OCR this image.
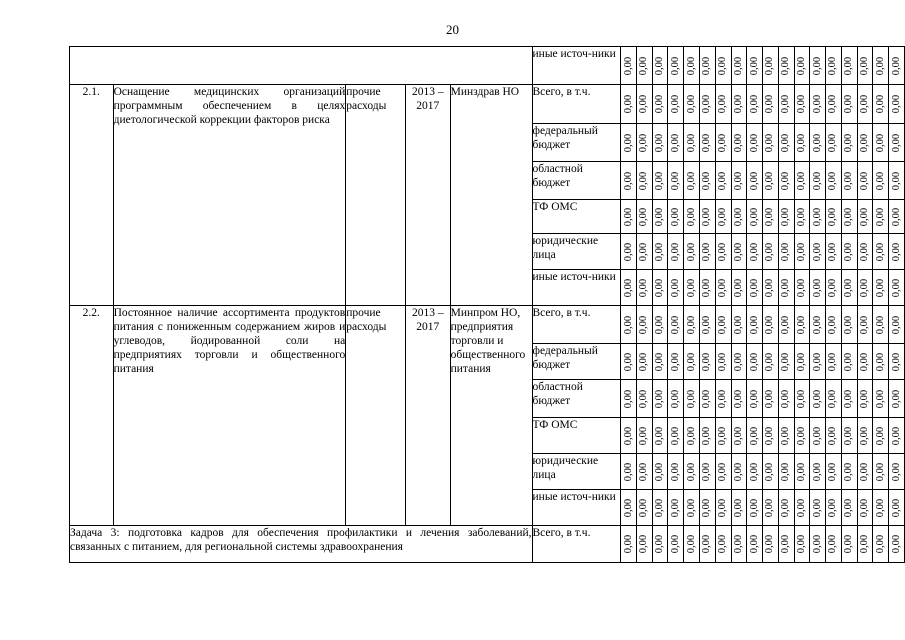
20
					иные источ-ники	0,00	0,00	0,00	0,00	0,00	0,00	0,00	0,00	0,00	0,00	0,00	0,00	0,00	0,00	0,00	0,00	0,00	0,00

2.1.	Оснащение медицинских организаций программным обеспечением в целях диетологической коррекции факторов риска	прочие расходы	2013 – 2017	Минздрав НО	Всего, в т.ч.	0,00	0,00	0,00	0,00	0,00	0,00	0,00	0,00	0,00	0,00	0,00	0,00	0,00	0,00	0,00	0,00	0,00	0,00

					федеральный бюджет	0,00	0,00	0,00	0,00	0,00	0,00	0,00	0,00	0,00	0,00	0,00	0,00	0,00	0,00	0,00	0,00	0,00	0,00

					областной бюджет	0,00	0,00	0,00	0,00	0,00	0,00	0,00	0,00	0,00	0,00	0,00	0,00	0,00	0,00	0,00	0,00	0,00	0,00

					ТФ ОМС	0,00	0,00	0,00	0,00	0,00	0,00	0,00	0,00	0,00	0,00	0,00	0,00	0,00	0,00	0,00	0,00	0,00	0,00

					юридические лица	0,00	0,00	0,00	0,00	0,00	0,00	0,00	0,00	0,00	0,00	0,00	0,00	0,00	0,00	0,00	0,00	0,00	0,00

					иные источ-ники	0,00	0,00	0,00	0,00	0,00	0,00	0,00	0,00	0,00	0,00	0,00	0,00	0,00	0,00	0,00	0,00	0,00	0,00

2.2.	Постоянное наличие ассортимента продуктов питания с пониженным содержанием жиров и углеводов, йодированной соли на предприятиях торговли и общественного питания	прочие расходы	2013 – 2017	Минпром НО, предприятия торговли и общественного питания	Всего, в т.ч.	0,00	0,00	0,00	0,00	0,00	0,00	0,00	0,00	0,00	0,00	0,00	0,00	0,00	0,00	0,00	0,00	0,00	0,00

					федеральный бюджет	0,00	0,00	0,00	0,00	0,00	0,00	0,00	0,00	0,00	0,00	0,00	0,00	0,00	0,00	0,00	0,00	0,00	0,00

					областной бюджет	0,00	0,00	0,00	0,00	0,00	0,00	0,00	0,00	0,00	0,00	0,00	0,00	0,00	0,00	0,00	0,00	0,00	0,00

					ТФ ОМС	0,00	0,00	0,00	0,00	0,00	0,00	0,00	0,00	0,00	0,00	0,00	0,00	0,00	0,00	0,00	0,00	0,00	0,00

					юридические лица	0,00	0,00	0,00	0,00	0,00	0,00	0,00	0,00	0,00	0,00	0,00	0,00	0,00	0,00	0,00	0,00	0,00	0,00

					иные источ-ники	0,00	0,00	0,00	0,00	0,00	0,00	0,00	0,00	0,00	0,00	0,00	0,00	0,00	0,00	0,00	0,00	0,00	0,00

Задача 3: подготовка кадров для обеспечения профилактики и лечения заболеваний, связанных с питанием, для региональной системы здравоохранения					Всего, в т.ч.	0,00	0,00	0,00	0,00	0,00	0,00	0,00	0,00	0,00	0,00	0,00	0,00	0,00	0,00	0,00	0,00	0,00	0,00
